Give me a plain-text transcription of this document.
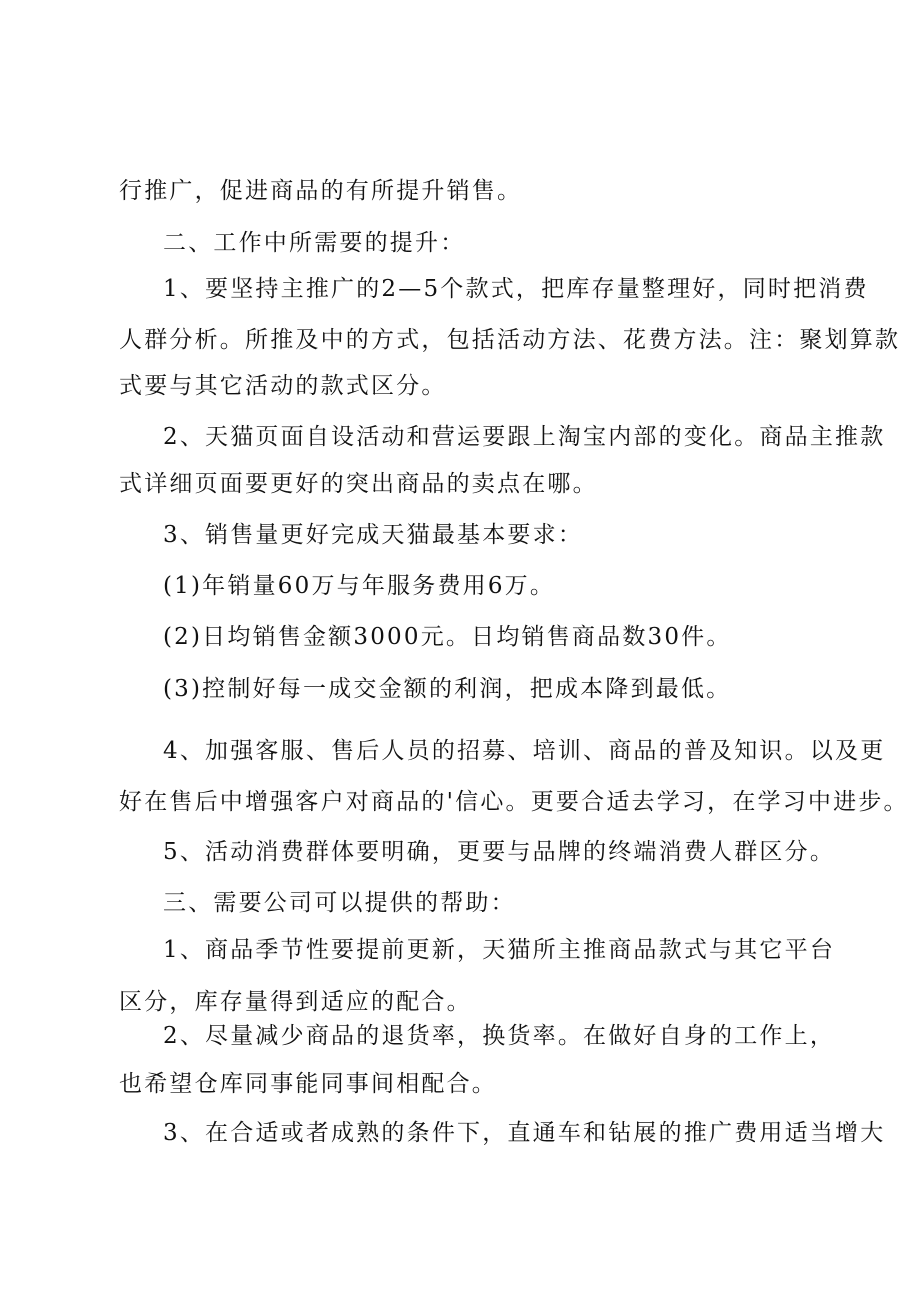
行推广，促进商品的有所提升销售。
二、工作中所需要的提升：
1、要坚持主推广的2—5个款式，把库存量整理好，同时把消费
人群分析。所推及中的方式，包括活动方法、花费方法。注：聚划算款
式要与其它活动的款式区分。
2、天猫页面自设活动和营运要跟上淘宝内部的变化。商品主推款
式详细页面要更好的突出商品的卖点在哪。
3、销售量更好完成天猫最基本要求：
(1)年销量60万与年服务费用6万。
(2)日均销售金额3000元。日均销售商品数30件。
(3)控制好每一成交金额的利润，把成本降到最低。
4、加强客服、售后人员的招募、培训、商品的普及知识。以及更
好在售后中增强客户对商品的'信心。更要合适去学习，在学习中进步。
5、活动消费群体要明确，更要与品牌的终端消费人群区分。
三、需要公司可以提供的帮助：
1、商品季节性要提前更新，天猫所主推商品款式与其它平台
区分，库存量得到适应的配合。
2、尽量减少商品的退货率，换货率。在做好自身的工作上，
也希望仓库同事能同事间相配合。
3、在合适或者成熟的条件下，直通车和钻展的推广费用适当增大
